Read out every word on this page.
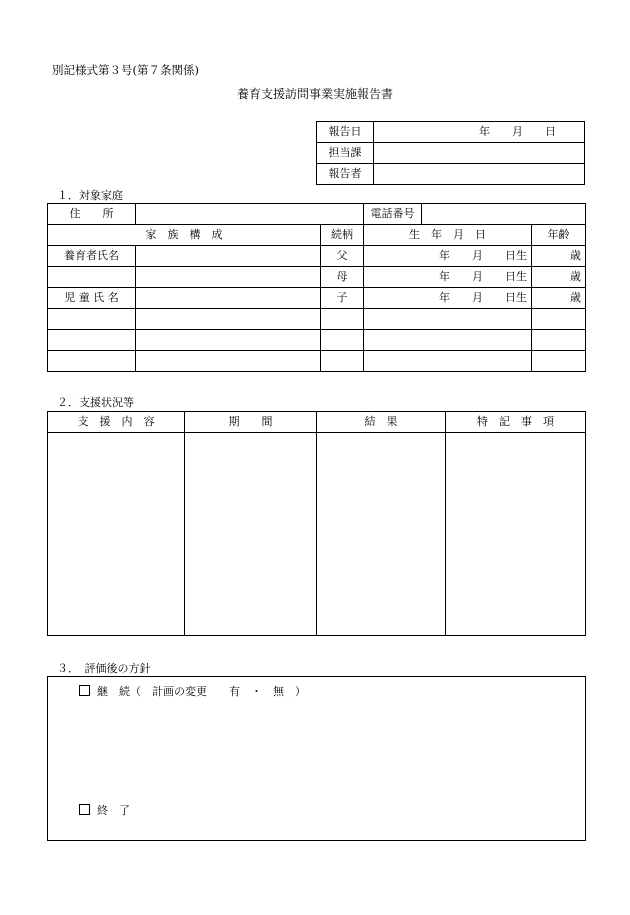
別記様式第３号(第７条関係)
養育支援訪問事業実施報告書
報告日	年　　月　　日
担当課	
報告者	
１．対象家庭
住　　所		電話番号	
家　族　構　成		続柄	生　年　月　日	年齢
養育者氏名		父	年　　月　　日生	歳
		母	年　　月　　日生	歳
児 童 氏 名		子	年　　月　　日生	歳

２．支援状況等
支　援　内　容	期　　間	結　果	特　記　事　項

３．　評価後の方針
継　続（　計画の変更　　有　・　無　）
終　了
